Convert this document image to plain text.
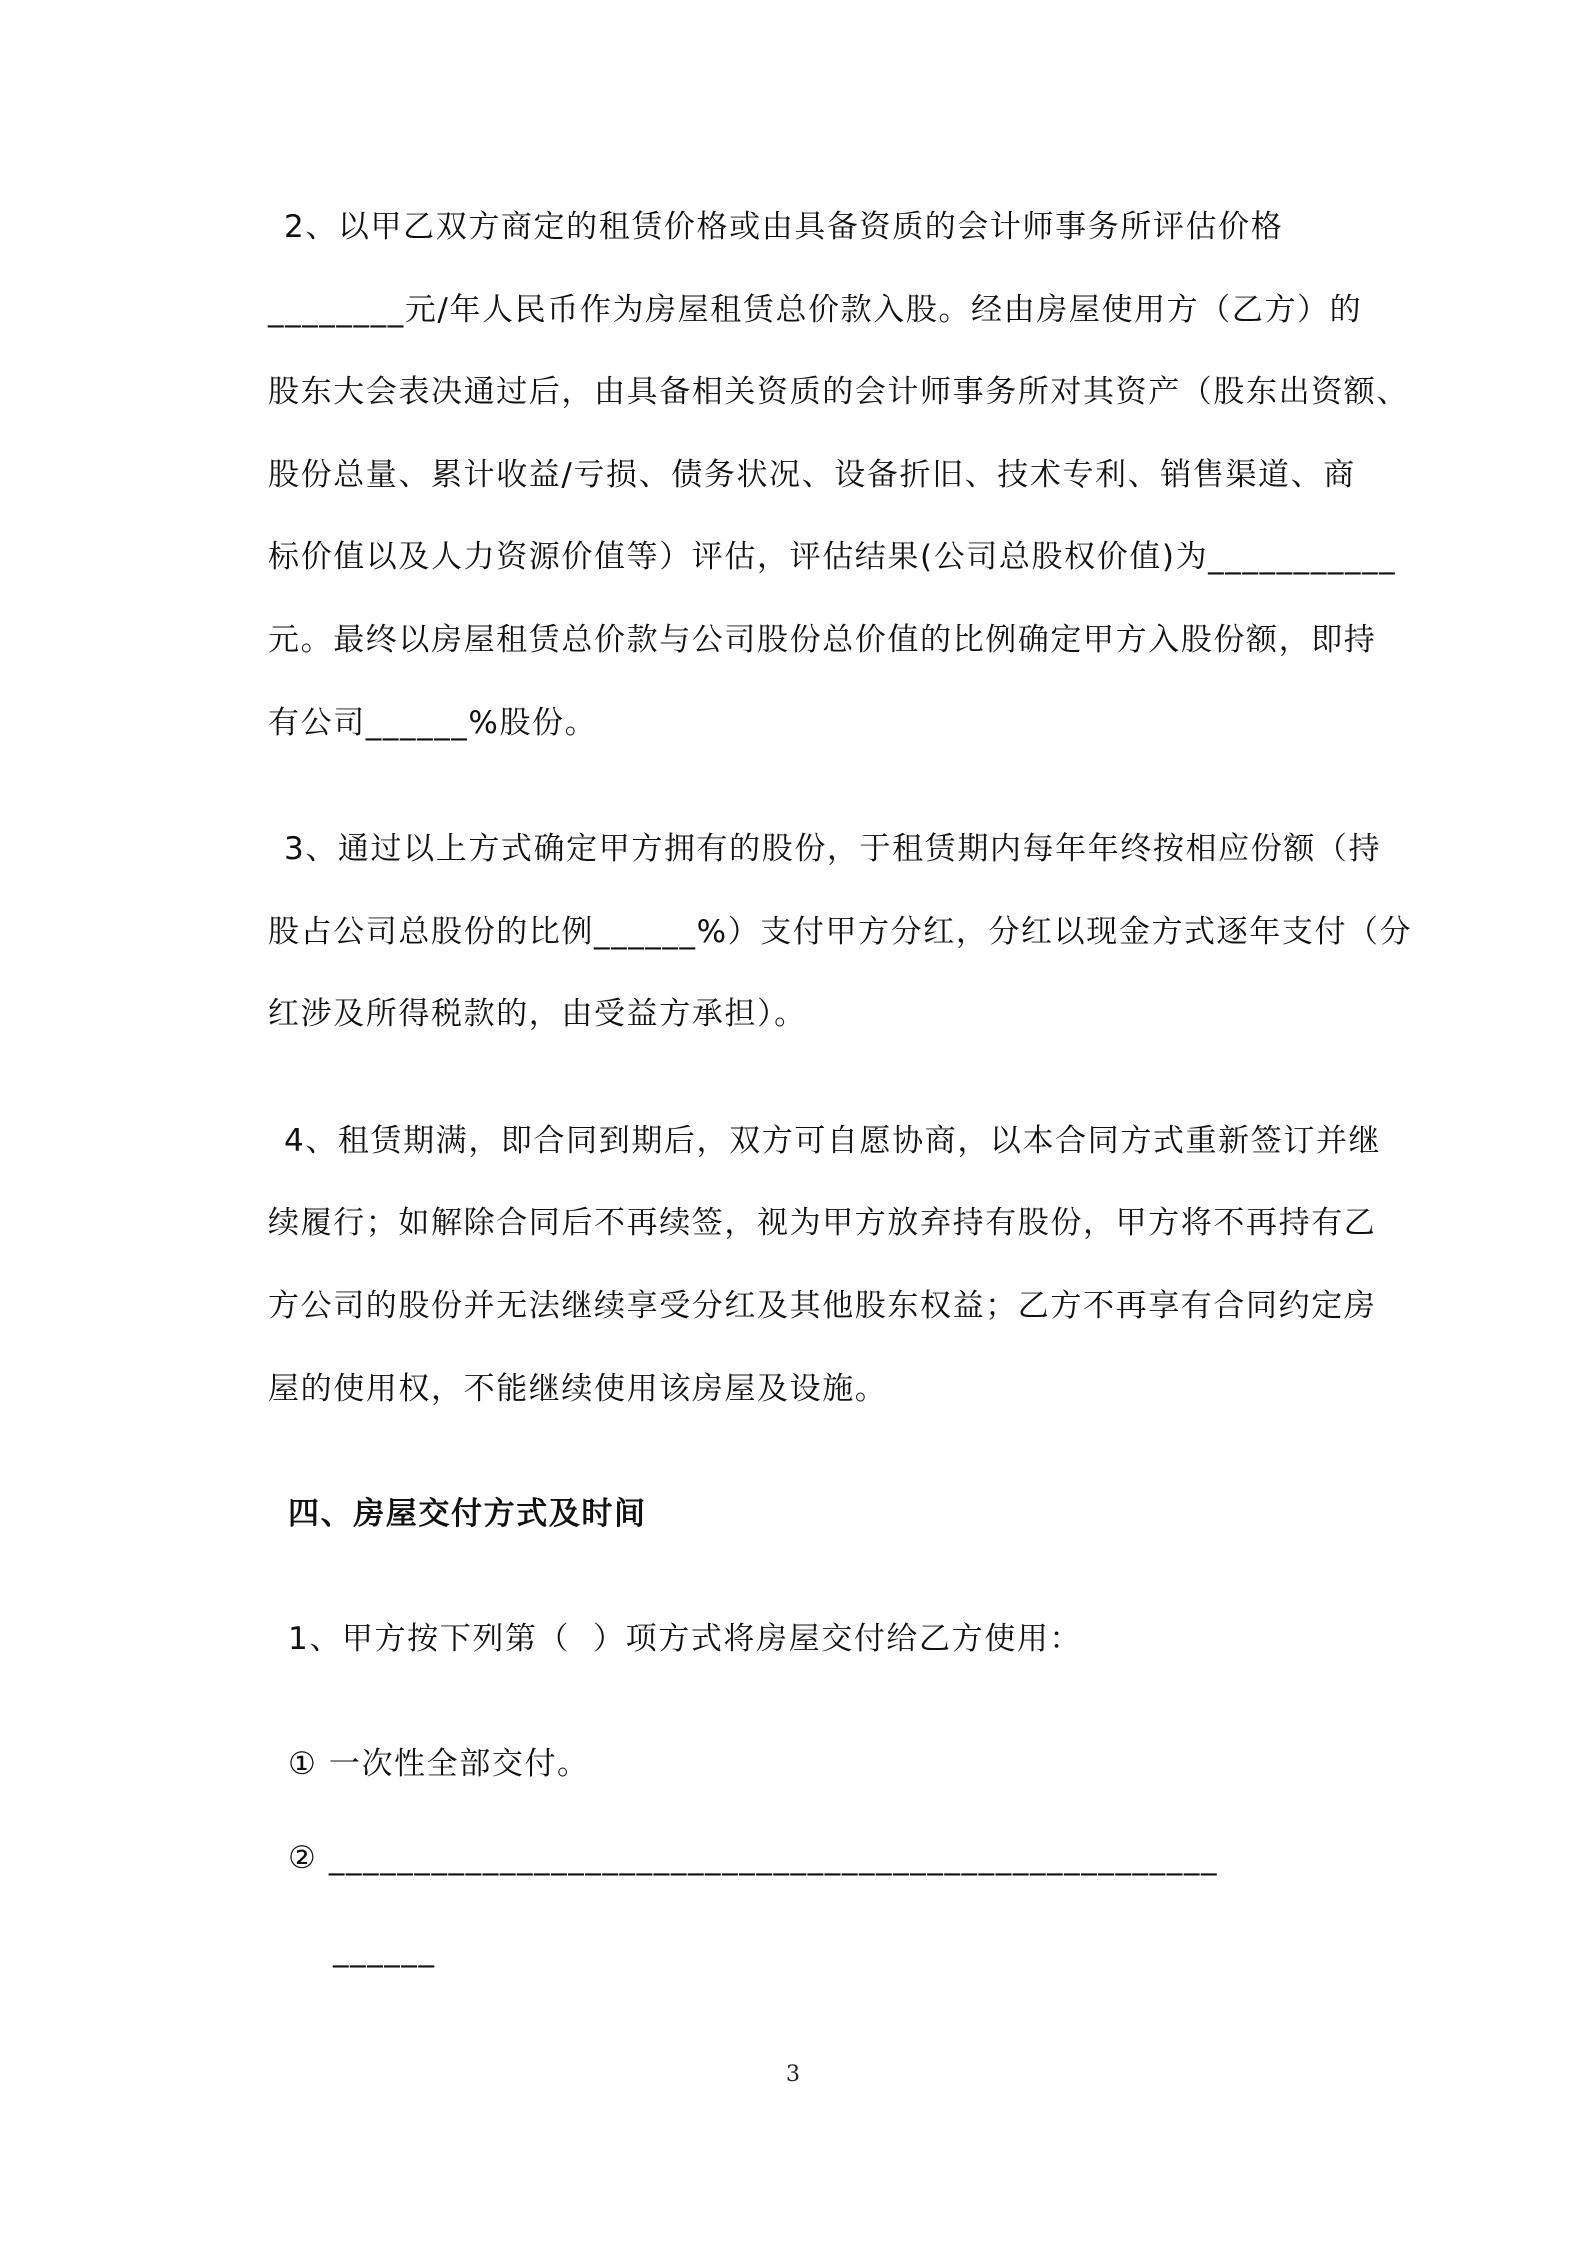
2、以甲乙双方商定的租赁价格或由具备资质的会计师事务所评估价格
________元/年人民币作为房屋租赁总价款入股。经由房屋使用方（乙方）的
股东大会表决通过后，由具备相关资质的会计师事务所对其资产（股东出资额、
股份总量、累计收益/亏损、债务状况、设备折旧、技术专利、销售渠道、商
标价值以及人力资源价值等）评估，评估结果(公司总股权价值)为___________
元。最终以房屋租赁总价款与公司股份总价值的比例确定甲方入股份额，即持
有公司______%股份。
3、通过以上方式确定甲方拥有的股份，于租赁期内每年年终按相应份额（持
股占公司总股份的比例______%）支付甲方分红，分红以现金方式逐年支付（分
红涉及所得税款的，由受益方承担）。
4、租赁期满，即合同到期后，双方可自愿协商，以本合同方式重新签订并继
续履行；如解除合同后不再续签，视为甲方放弃持有股份，甲方将不再持有乙
方公司的股份并无法继续享受分红及其他股东权益；乙方不再享有合同约定房
屋的使用权，不能继续使用该房屋及设施。
四、房屋交付方式及时间
1、甲方按下列第（  ）项方式将房屋交付给乙方使用：
① 一次性全部交付。
② ____________________________________________________
______
3
